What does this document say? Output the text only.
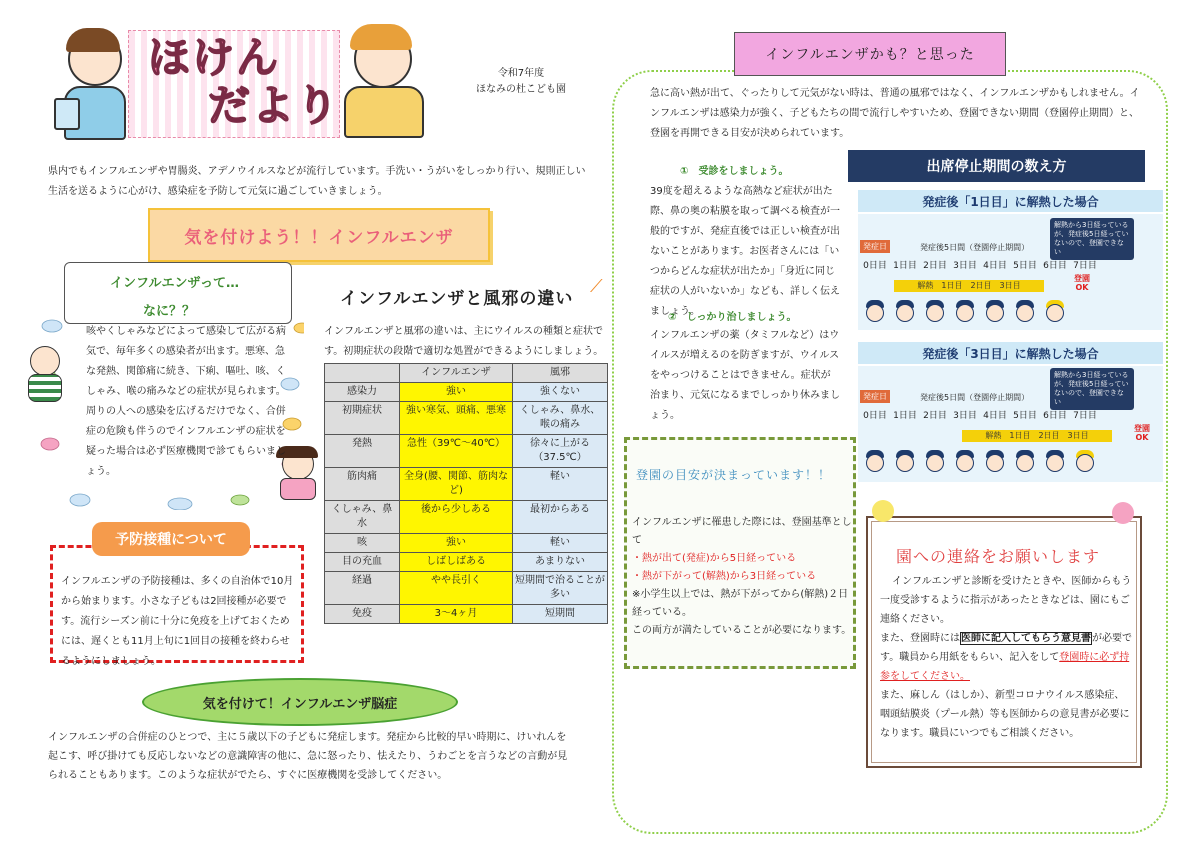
ほけん
だより
令和7年度
ほなみの杜こども園
県内でもインフルエンザや胃腸炎、アデノウイルスなどが流行しています。手洗い・うがいをしっかり行い、規則正しい生活を送るように心がけ、感染症を予防して元気に過ごしていきましょう。
気を付けよう！！インフルエンザ
インフルエンザって…
なに？？
咳やくしゃみなどによって感染して広がる病気で、毎年多くの感染者が出ます。悪寒、急な発熱、関節痛に続き、下痢、嘔吐、咳、くしゃみ、喉の痛みなどの症状が見られます。周りの人への感染を広げるだけでなく、合併症の危険も伴うのでインフルエンザの症状を疑った場合は必ず医療機関で診てもらいましょう。
インフルエンザの予防接種は、多くの自治体で10月から始まります。小さな子どもは2回接種が必要です。流行シーズン前に十分に免疫を上げておくためには、遅くとも11月上旬に1回目の接種を終わらせるようにしましょう。
予防接種について
インフルエンザと風邪の違い
⟋
インフルエンザと風邪の違いは、主にウイルスの種類と症状です。初期症状の段階で適切な処置ができるようにしましょう。
	インフルエンザ	風邪
感染力	強い	強くない
初期症状	強い寒気、頭痛、悪寒	くしゃみ、鼻水、喉の痛み
発熱	急性（39℃〜40℃）	徐々に上がる（37.5℃）
筋肉痛	全身(腰、関節、筋肉など)	軽い
くしゃみ、鼻水	後から少しある	最初からある
咳	強い	軽い
目の充血	しばしばある	あまりない
経過	やや長引く	短期間で治ることが多い
免疫	3〜4ヶ月	短期間
気を付けて！インフルエンザ脳症
インフルエンザの合併症のひとつで、主に５歳以下の子どもに発症します。発症から比較的早い時期に、けいれんを起こす、呼び掛けても反応しないなどの意識障害の他に、急に怒ったり、怯えたり、うわごとを言うなどの言動が見られることもあります。このような症状がでたら、すぐに医療機関を受診してください。
インフルエンザかも？と思った
急に高い熱が出て、ぐったりして元気がない時は、普通の風邪ではなく、インフルエンザかもしれません。インフルエンザは感染力が強く、子どもたちの間で流行しやすいため、登園できない期間（登園停止期間）と、登園を再開できる目安が決められています。
①　受診をしましょう。
39度を超えるような高熱など症状が出た際、鼻の奥の粘膜を取って調べる検査が一般的ですが、発症直後では正しい検査が出ないことがあります。お医者さんには「いつからどんな症状が出たか」「身近に同じ症状の人がいないか」なども、詳しく伝えましょう。
②　しっかり治しましょう。
インフルエンザの薬（タミフルなど）はウイルスが増えるのを防ぎますが、ウイルスをやっつけることはできません。症状が治まり、元気になるまでしっかり休みましょう。
登園の目安が決まっています！！
インフルエンザに罹患した際には、登園基準として
・熱が出て(発症)から5日経っている
・熱が下がって(解熱)から3日経っている
※小学生以上では、熱が下がってから(解熱)２日経っている。
この両方が満たしていることが必要になります。
出席停止期間の数え方
発症後「1日目」に解熱した場合
発症日	発症後5日間（登園停止期間）
解熱から3日経っているが、発症後5日経っていないので、登園できない
0日目 1日目 2日目 3日目 4日目 5日目 6日目 7日目
解熱　 1日目　 2日目　 3日目
登園
OK
発症後「3日目」に解熱した場合
発症日	発症後5日間（登園停止期間）
解熱から3日経っているが、発症後5日経っていないので、登園できない
0日目 1日目 2日目 3日目 4日目 5日目 6日目 7日目
解熱　 1日目　 2日目　 3日目
登園
OK
園への連絡をお願いします
インフルエンザと診断を受けたときや、医師からもう一度受診するように指示があったときなどは、園にもご連絡ください。
また、登園時には医師に記入してもらう意見書が必要です。職員から用紙をもらい、記入をして登園時に必ず持参をしてください。
また、麻しん（はしか）、新型コロナウイルス感染症、咽頭結膜炎（プール熱）等も医師からの意見書が必要になります。職員にいつでもご相談ください。
